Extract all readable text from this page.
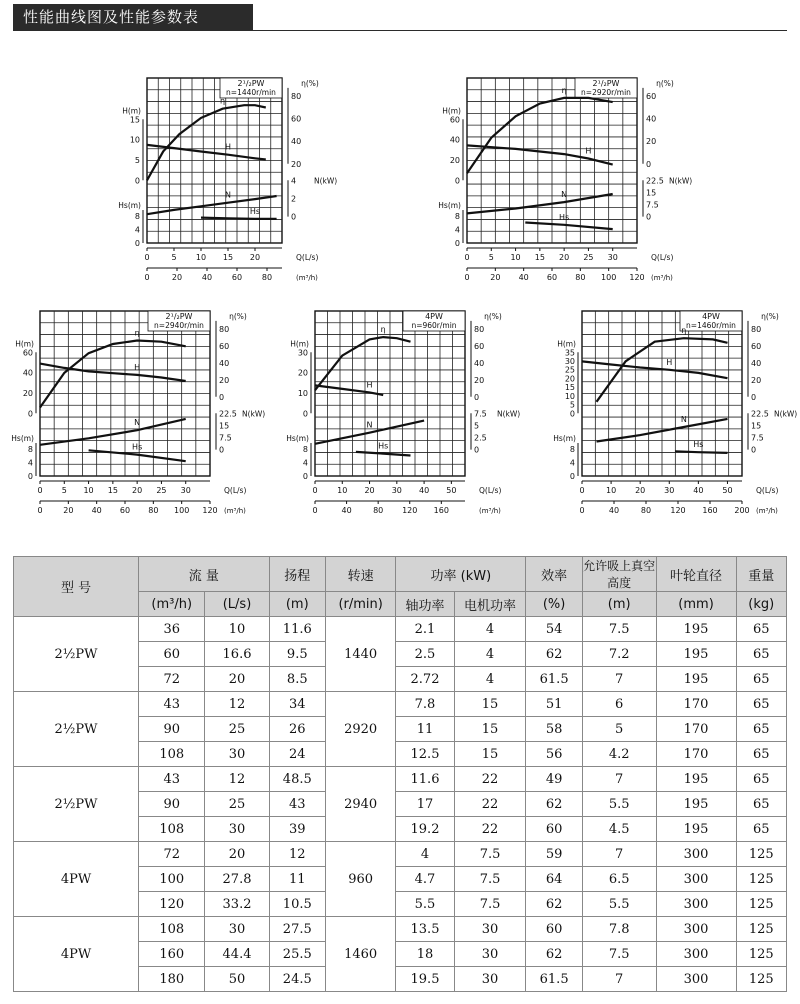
性能曲线图及性能参数表
2¹/₂PW
n=1440r/min
H
η
N
Hs
H(m)
15
10
5
0
Hs(m)
8
4
0
η(%)
80
60
40
20
4
2
0
N(kW)
0	5 10 15 20	Q(L/s)
0	20 40 60 80	(m³/h)
2¹/₂PW
n=2920r/min
H
η
N
Hs
H(m)
60
40
20
0
Hs(m)
8
4
0
η(%)
60
40
20
0
22.5
15
7.5
0
N(kW)
0 5 10 15 20 25 30	Q(L/s)
0	20 40 60 80 100 120 (m³/h)
2¹/₂PW
n=2940r/min
H
η
N
Hs
H(m)
60
40
20
0
Hs(m)
8
4
0
η(%)
80
60
40
20
0
22.5
15
7.5
0
N(kW)
0 5 10 15 20 25 30	Q(L/s)
0	20 40 60 80 100 120 (m³/h)
4PW
n=960r/min
H
η
N
Hs
H(m)
30
20
10
0
Hs(m)
8
4
0
η(%)
80
60
40
20
0
7.5
5
2.5
0
N(kW)
0 10 20 30 40 50	Q(L/s)
0	40	80 120 160	(m³/h)
4PW
n=1460r/min
H
η
N
Hs
H(m)
35
30
25
20
15
10
5
0
Hs(m)
8
4
0
η(%)
80
60
40
20
0
22.5
15
7.5
0
N(kW)
0	10 20 30 40 50	Q(L/s)
0	40	80 120 160 200 (m³/h)
型 号	流 量		扬程	转速	功率 (kW)		效率	允许吸上真空高度	叶轮直径	重量
	(m³/h)	(L/s)	(m)	(r/min)	轴功率	电机功率	(%)	(m)	(mm)	(kg)
2½PW	36	10	11.6	1440	2.1	4	54	7.5	195	65
	60	16.6	9.5		2.5	4	62	7.2	195	65
	72	20	8.5		2.72	4	61.5	7	195	65
2½PW	43	12	34	2920	7.8	15	51	6	170	65
	90	25	26		11	15	58	5	170	65
	108	30	24		12.5	15	56	4.2	170	65
2½PW	43	12	48.5	2940	11.6	22	49	7	195	65
	90	25	43		17	22	62	5.5	195	65
	108	30	39		19.2	22	60	4.5	195	65
4PW	72	20	12	960	4	7.5	59	7	300	125
	100	27.8	11		4.7	7.5	64	6.5	300	125
	120	33.2	10.5		5.5	7.5	62	5.5	300	125
4PW	108	30	27.5	1460	13.5	30	60	7.8	300	125
	160	44.4	25.5		18	30	62	7.5	300	125
	180	50	24.5		19.5	30	61.5	7	300	125
